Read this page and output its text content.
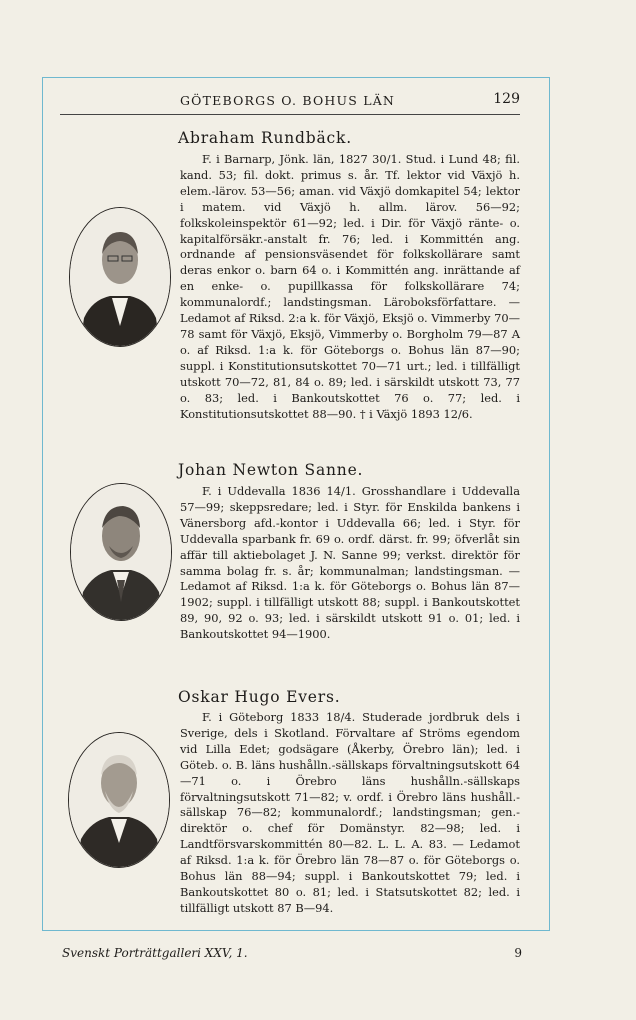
GÖTEBORGS O. BOHUS LÄN	129
Abraham Rundbäck.

F. i Barnarp, Jönk. län, 1827 30/1. Stud. i Lund 48; fil. kand. 53; fil. dokt. primus s. år. Tf. lektor vid Växjö h. elem.-lärov. 53—56; aman. vid Växjö domkapitel 54; lektor i matem. vid Växjö h. allm. lärov. 56—92; folkskoleinspektör 61—92; led. i Dir. för Växjö ränte- o. kapitalförsäkr.-anstalt fr. 76; led. i Kommittén ang. ordnande af pensionsväsendet för folkskollärare samt deras enkor o. barn 64 o. i Kommittén ang. inrättande af en enke- o. pupillkassa för folkskollärare 74; kommunalordf.; landstingsman. Läroboksförfattare. — Ledamot af Riksd. 2:a k. för Växjö, Eksjö o. Vimmerby 70—78 samt för Växjö, Eksjö, Vimmerby o. Borgholm 79—87 A o. af Riksd. 1:a k. för Göteborgs o. Bohus län 87—90; suppl. i Konstitutionsutskottet 70—71 urt.; led. i tillfälligt utskott 70—72, 81, 84 o. 89; led. i särskildt utskott 73, 77 o. 83; led. i Bankoutskottet 76 o. 77; led. i Konstitutionsutskottet 88—90. † i Växjö 1893 12/6.

Johan Newton Sanne.

F. i Uddevalla 1836 14/1. Grosshandlare i Uddevalla 57—99; skeppsredare; led. i Styr. för Enskilda bankens i Vänersborg afd.-kontor i Uddevalla 66; led. i Styr. för Uddevalla sparbank fr. 69 o. ordf. därst. fr. 99; öfverlåt sin affär till aktiebolaget J. N. Sanne 99; verkst. direktör för samma bolag fr. s. år; kommunalman; landstingsman. — Ledamot af Riksd. 1:a k. för Göteborgs o. Bohus län 87—1902; suppl. i tillfälligt utskott 88; suppl. i Bankoutskottet 89, 90, 92 o. 93; led. i särskildt utskott 91 o. 01; led. i Bankoutskottet 94—1900.

Oskar Hugo Evers.

F. i Göteborg 1833 18/4. Studerade jordbruk dels i Sverige, dels i Skotland. Förvaltare af Ströms egendom vid Lilla Edet; godsägare (Åkerby, Örebro län); led. i Göteb. o. B. läns hushålln.-sällskaps förvaltningsutskott 64—71 o. i Örebro läns hushålln.-sällskaps förvaltningsutskott 71—82; v. ordf. i Örebro läns hushåll.-sällskap 76—82; kommunalordf.; landstingsman; gen.-direktör o. chef för Domänstyr. 82—98; led. i Landtförsvarskommittén 80—82. L. L. A. 83. — Ledamot af Riksd. 1:a k. för Örebro län 78—87 o. för Göteborgs o. Bohus län 88—94; suppl. i Bankoutskottet 79; led. i Bankoutskottet 80 o. 81; led. i Statsutskottet 82; led. i tillfälligt utskott 87 B—94.

Svenskt Porträttgalleri XXV, 1.	9
